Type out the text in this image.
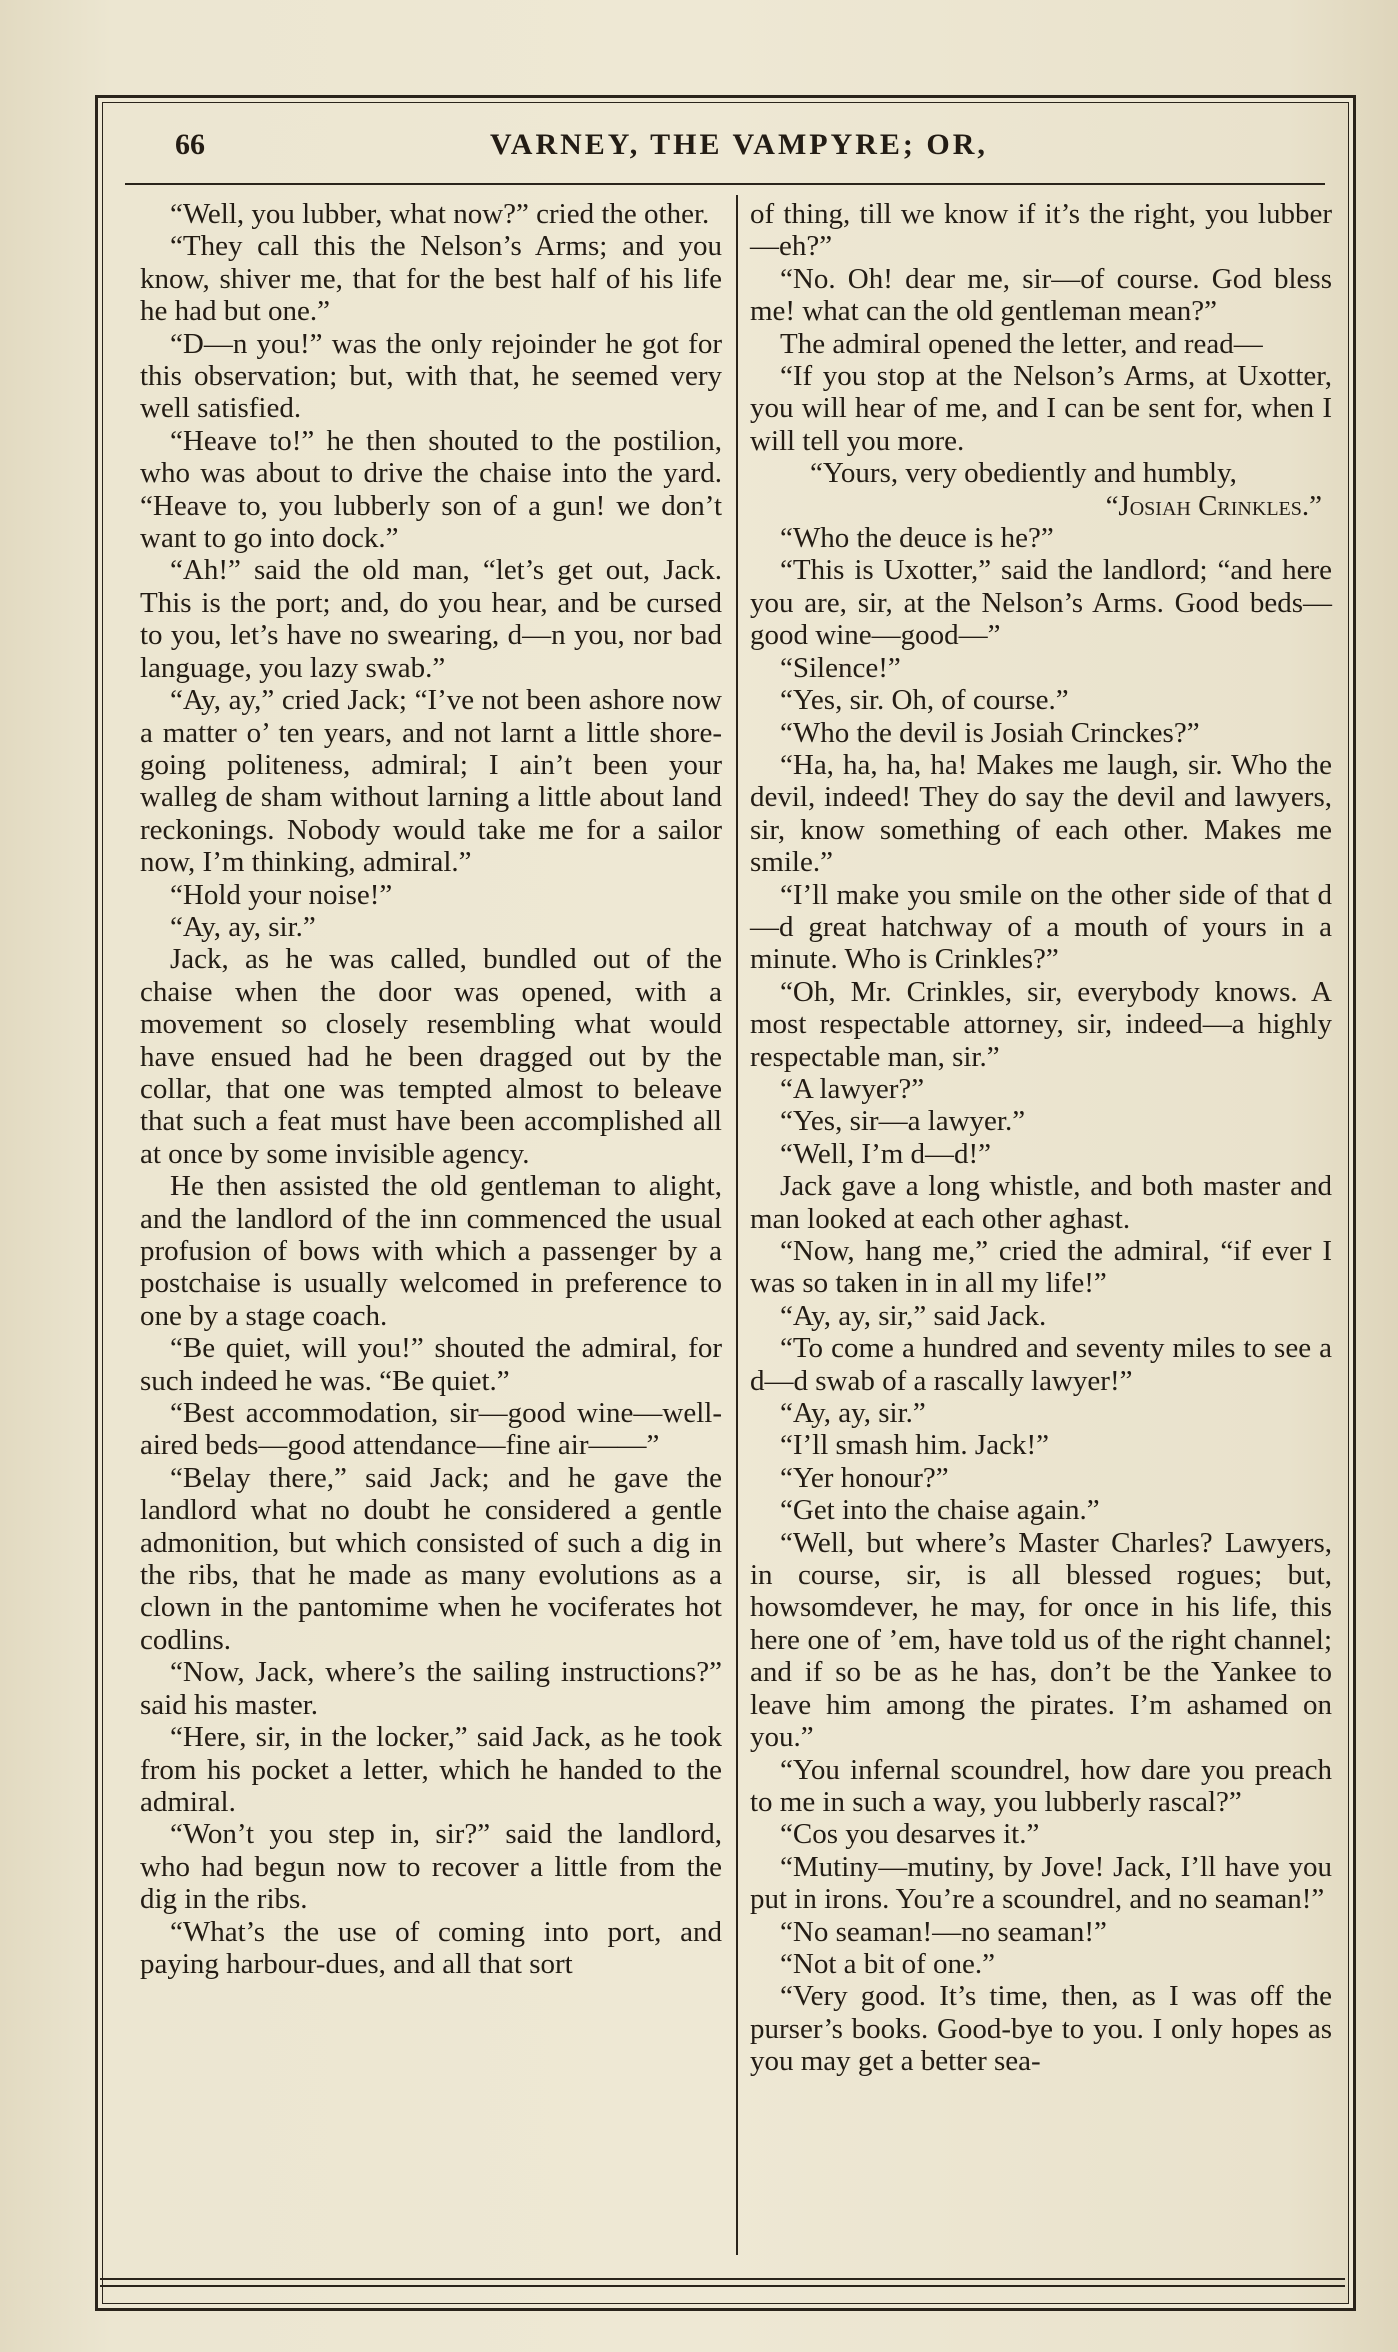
66	VARNEY, THE VAMPYRE; OR,

“Well, you lubber, what now?” cried the other.

“They call this the Nelson’s Arms; and you know, shiver me, that for the best half of his life he had but one.”

“D—n you!” was the only rejoinder he got for this observation; but, with that, he seemed very well satisfied.

“Heave to!” he then shouted to the postilion, who was about to drive the chaise into the yard. “Heave to, you lubberly son of a gun! we don’t want to go into dock.”

“Ah!” said the old man, “let’s get out, Jack. This is the port; and, do you hear, and be cursed to you, let’s have no swearing, d—n you, nor bad language, you lazy swab.”

“Ay, ay,” cried Jack; “I’ve not been ashore now a matter o’ ten years, and not larnt a little shore-going politeness, admiral; I ain’t been your walleg de sham without larning a little about land reckonings. Nobody would take me for a sailor now, I’m thinking, admiral.”

“Hold your noise!”

“Ay, ay, sir.”

Jack, as he was called, bundled out of the chaise when the door was opened, with a movement so closely resembling what would have ensued had he been dragged out by the collar, that one was tempted almost to beleave that such a feat must have been accomplished all at once by some invisible agency.

He then assisted the old gentleman to alight, and the landlord of the inn commenced the usual profusion of bows with which a passenger by a postchaise is usually welcomed in preference to one by a stage coach.

“Be quiet, will you!” shouted the admiral, for such indeed he was. “Be quiet.”

“Best accommodation, sir—good wine—well-aired beds—good attendance—fine air——”

“Belay there,” said Jack; and he gave the landlord what no doubt he considered a gentle admonition, but which consisted of such a dig in the ribs, that he made as many evolutions as a clown in the pantomime when he vociferates hot codlins.

“Now, Jack, where’s the sailing instructions?” said his master.

“Here, sir, in the locker,” said Jack, as he took from his pocket a letter, which he handed to the admiral.

“Won’t you step in, sir?” said the landlord, who had begun now to recover a little from the dig in the ribs.

“What’s the use of coming into port, and paying harbour-dues, and all that sort

of thing, till we know if it’s the right, you lubber—eh?”

“No. Oh! dear me, sir—of course. God bless me! what can the old gentleman mean?”

The admiral opened the letter, and read—

“If you stop at the Nelson’s Arms, at Uxotter, you will hear of me, and I can be sent for, when I will tell you more.

“Yours, very obediently and humbly,

“Josiah Crinkles.”

“Who the deuce is he?”

“This is Uxotter,” said the landlord; “and here you are, sir, at the Nelson’s Arms. Good beds—good wine—good—”

“Silence!”

“Yes, sir. Oh, of course.”

“Who the devil is Josiah Crinckes?”

“Ha, ha, ha, ha! Makes me laugh, sir. Who the devil, indeed! They do say the devil and lawyers, sir, know something of each other. Makes me smile.”

“I’ll make you smile on the other side of that d—d great hatchway of a mouth of yours in a minute. Who is Crinkles?”

“Oh, Mr. Crinkles, sir, everybody knows. A most respectable attorney, sir, indeed—a highly respectable man, sir.”

“A lawyer?”

“Yes, sir—a lawyer.”

“Well, I’m d—d!”

Jack gave a long whistle, and both master and man looked at each other aghast.

“Now, hang me,” cried the admiral, “if ever I was so taken in in all my life!”

“Ay, ay, sir,” said Jack.

“To come a hundred and seventy miles to see a d—d swab of a rascally lawyer!”

“Ay, ay, sir.”

“I’ll smash him. Jack!”

“Yer honour?”

“Get into the chaise again.”

“Well, but where’s Master Charles? Lawyers, in course, sir, is all blessed rogues; but, howsomdever, he may, for once in his life, this here one of ’em, have told us of the right channel; and if so be as he has, don’t be the Yankee to leave him among the pirates. I’m ashamed on you.”

“You infernal scoundrel, how dare you preach to me in such a way, you lubberly rascal?”

“Cos you desarves it.”

“Mutiny—mutiny, by Jove! Jack, I’ll have you put in irons. You’re a scoundrel, and no seaman!”

“No seaman!—no seaman!”

“Not a bit of one.”

“Very good. It’s time, then, as I was off the purser’s books. Good-bye to you. I only hopes as you may get a better sea-
